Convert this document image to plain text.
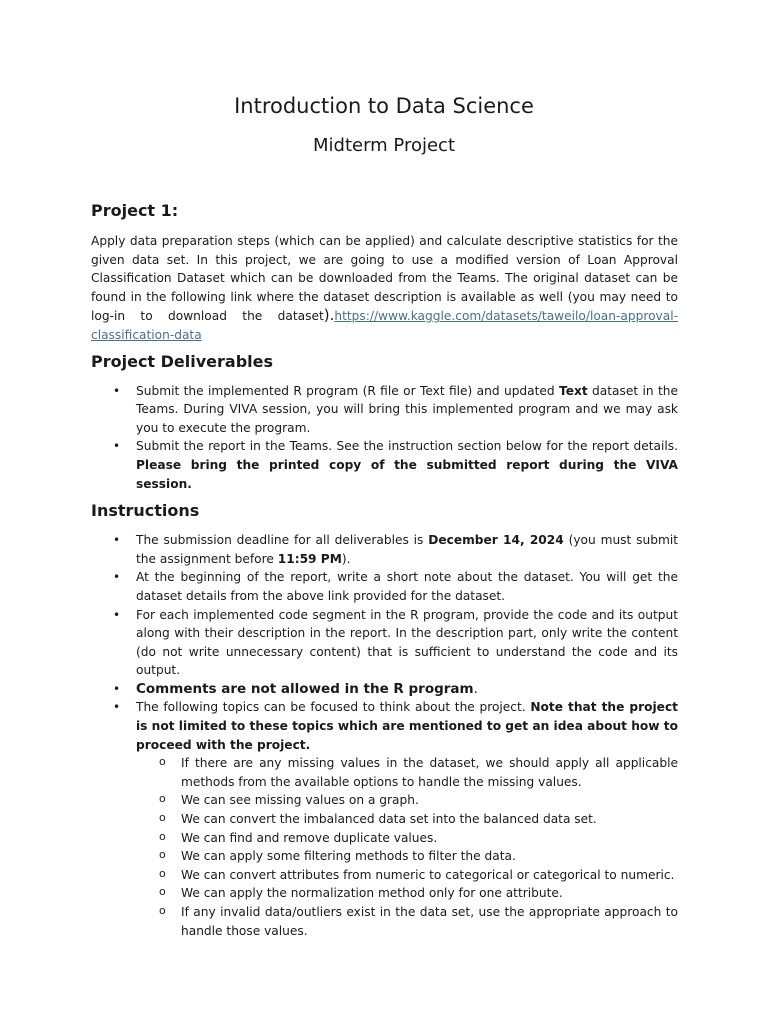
Introduction to Data Science
Midterm Project
Project 1:

Apply data preparation steps (which can be applied) and calculate descriptive statistics for the given data set. In this project, we are going to use a modified version of Loan Approval Classification Dataset which can be downloaded from the Teams. The original dataset can be found in the following link where the dataset description is available as well (you may need to log-in to download the dataset).https://www.kaggle.com/datasets/taweilo/loan-approval-classification-data

Project Deliverables
• Submit the implemented R program (R file or Text file) and updated Text dataset in the Teams. During VIVA session, you will bring this implemented program and we may ask you to execute the program.
• Submit the report in the Teams. See the instruction section below for the report details. Please bring the printed copy of the submitted report during the VIVA session.
Instructions
• The submission deadline for all deliverables is December 14, 2024 (you must submit the assignment before 11:59 PM).
• At the beginning of the report, write a short note about the dataset. You will get the dataset details from the above link provided for the dataset.
• For each implemented code segment in the R program, provide the code and its output along with their description in the report. In the description part, only write the content (do not write unnecessary content) that is sufficient to understand the code and its output.
• Comments are not allowed in the R program.
• The following topics can be focused to think about the project. Note that the project is not limited to these topics which are mentioned to get an idea about how to proceed with the project.
o If there are any missing values in the dataset, we should apply all applicable methods from the available options to handle the missing values.
o We can see missing values on a graph.
o We can convert the imbalanced data set into the balanced data set.
o We can find and remove duplicate values.
o We can apply some filtering methods to filter the data.
o We can convert attributes from numeric to categorical or categorical to numeric.
o We can apply the normalization method only for one attribute.
o If any invalid data/outliers exist in the data set, use the appropriate approach to handle those values.
